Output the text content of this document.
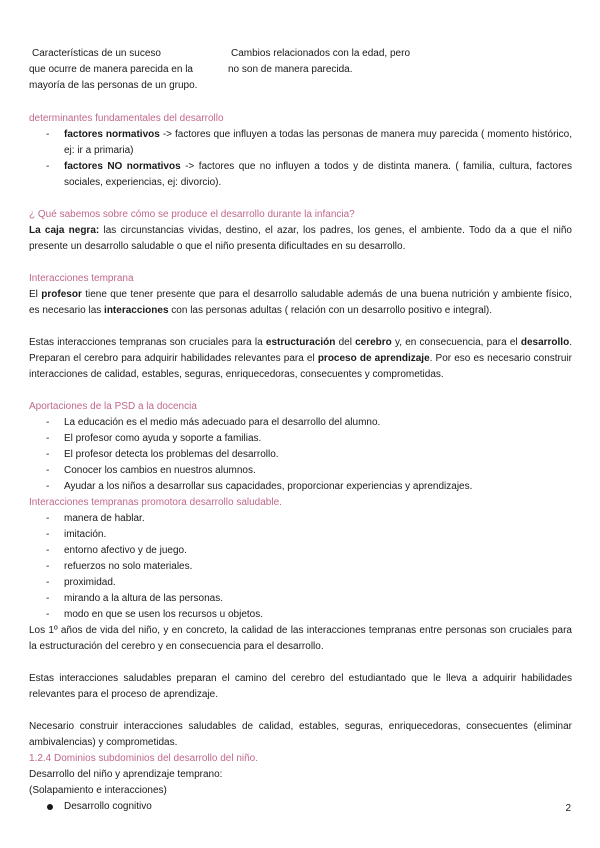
Características de un suceso

que ocurre de manera parecida en la

mayoría de las personas de un grupo.

Cambios relacionados con la edad, pero

no son de manera parecida.

determinantes fundamentales del desarrollo

- factores normativos -> factores que influyen a todas las personas de manera muy parecida ( momento histórico, ej: ir a primaria)
- factores NO normativos -> factores que no influyen a todos y de distinta manera. ( familia, cultura, factores sociales, experiencias, ej: divorcio).

¿ Qué sabemos sobre cómo se produce el desarrollo durante la infancia?

La caja negra: las circunstancias vividas, destino, el azar, los padres, los genes, el ambiente. Todo da a que el niño presente un desarrollo saludable o que el niño presenta dificultades en su desarrollo.

Interacciones temprana

El profesor tiene que tener presente que para el desarrollo saludable además de una buena nutrición y ambiente físico, es necesario las interacciones con las personas adultas ( relación con un desarrollo positivo e integral).

Estas interacciones tempranas son cruciales para la estructuración del cerebro y, en consecuencia, para el desarrollo. Preparan el cerebro para adquirir habilidades relevantes para el proceso de aprendizaje. Por eso es necesario construir interacciones de calidad, estables, seguras, enriquecedoras, consecuentes y comprometidas.

Aportaciones de la PSD a la docencia

- La educación es el medio más adecuado para el desarrollo del alumno.
- El profesor como ayuda y soporte a familias.
- El profesor detecta los problemas del desarrollo.
- Conocer los cambios en nuestros alumnos.
- Ayudar a los niños a desarrollar sus capacidades, proporcionar experiencias y aprendizajes.

Interacciones tempranas promotora desarrollo saludable.

- manera de hablar.
- imitación.
- entorno afectivo y de juego.
- refuerzos no solo materiales.
- proximidad.
- mirando a la altura de las personas.
- modo en que se usen los recursos u objetos.

Los 1º años de vida del niño, y en concreto, la calidad de las interacciones tempranas entre personas son cruciales para la estructuración del cerebro y en consecuencia para el desarrollo.

Estas interacciones saludables preparan el camino del cerebro del estudiantado que le lleva a adquirir habilidades relevantes para el proceso de aprendizaje.

Necesario construir interacciones saludables de calidad, estables, seguras, enriquecedoras, consecuentes (eliminar ambivalencias) y comprometidas.

1.2.4 Dominios subdominios del desarrollo del niño.

Desarrollo del niño y aprendizaje temprano:

(Solapamiento e interacciones)

Desarrollo cognitivo	2
